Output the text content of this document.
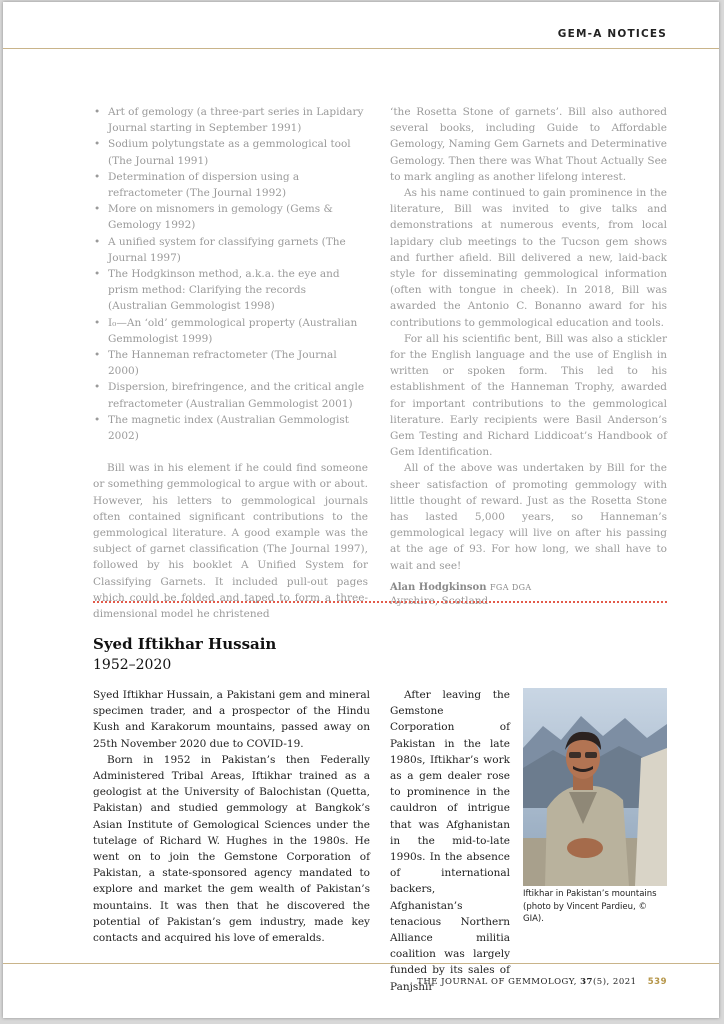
GEM-A NOTICES
• Art of gemology (a three-part series in Lapidary Journal starting in September 1991)
• Sodium polytungstate as a gemmological tool (The Journal 1991)
• Determination of dispersion using a refractometer (The Journal 1992)
• More on misnomers in gemology (Gems & Gemology 1992)
• A unified system for classifying garnets (The Journal 1997)
• The Hodgkinson method, a.k.a. the eye and prism method: Clarifying the records (Australian Gemmologist 1998)
• I₀—An ‘old’ gemmological property (Australian Gemmologist 1999)
• The Hanneman refractometer (The Journal 2000)
• Dispersion, birefringence, and the critical angle refractometer (Australian Gemmologist 2001)
• The magnetic index (Australian Gemmologist 2002)

Bill was in his element if he could find someone or something gemmological to argue with or about. However, his letters to gemmological journals often contained significant contributions to the gemmological literature. A good example was the subject of garnet classification (The Journal 1997), followed by his booklet A Unified System for Classifying Garnets. It included pull-out pages which could be folded and taped to form a three-dimensional model he christened

‘the Rosetta Stone of garnets’. Bill also authored several books, including Guide to Affordable Gemology, Naming Gem Garnets and Determinative Gemology. Then there was What Thout Actually See to mark angling as another lifelong interest.

As his name continued to gain prominence in the literature, Bill was invited to give talks and demonstrations at numerous events, from local lapidary club meetings to the Tucson gem shows and further afield. Bill delivered a new, laid-back style for disseminating gemmological information (often with tongue in cheek). In 2018, Bill was awarded the Antonio C. Bonanno award for his contributions to gemmological education and tools.

For all his scientific bent, Bill was also a stickler for the English language and the use of English in written or spoken form. This led to his establishment of the Hanneman Trophy, awarded for important contributions to the gemmological literature. Early recipients were Basil Anderson’s Gem Testing and Richard Liddicoat’s Handbook of Gem Identification.

All of the above was undertaken by Bill for the sheer satisfaction of promoting gemmology with little thought of reward. Just as the Rosetta Stone has lasted 5,000 years, so Hanneman’s gemmological legacy will live on after his passing at the age of 93. For how long, we shall have to wait and see!

Alan Hodgkinson FGA DGA
Ayrshire, Scotland
Syed Iftikhar Hussain
1952–2020

Syed Iftikhar Hussain, a Pakistani gem and mineral specimen trader, and a prospector of the Hindu Kush and Karakorum mountains, passed away on 25th November 2020 due to COVID-19.

Born in 1952 in Pakistan’s then Federally Administered Tribal Areas, Iftikhar trained as a geologist at the University of Balochistan (Quetta, Pakistan) and studied gemmology at Bangkok’s Asian Institute of Gemological Sciences under the tutelage of Richard W. Hughes in the 1980s. He went on to join the Gemstone Corporation of Pakistan, a state-sponsored agency mandated to explore and market the gem wealth of Pakistan’s mountains. It was then that he discovered the potential of Pakistan’s gem industry, made key contacts and acquired his love of emeralds.

After leaving the Gemstone Corporation of Pakistan in the late 1980s, Iftikhar’s work as a gem dealer rose to prominence in the cauldron of intrigue that was Afghanistan in the mid-to-late 1990s. In the absence of international backers, Afghanistan’s tenacious Northern Alliance militia coalition was largely funded by its sales of Panjshir

Iftikhar in Pakistan’s mountains (photo by Vincent Pardieu, © GIA).
THE JOURNAL OF GEMMOLOGY, 37(5), 2021 539
